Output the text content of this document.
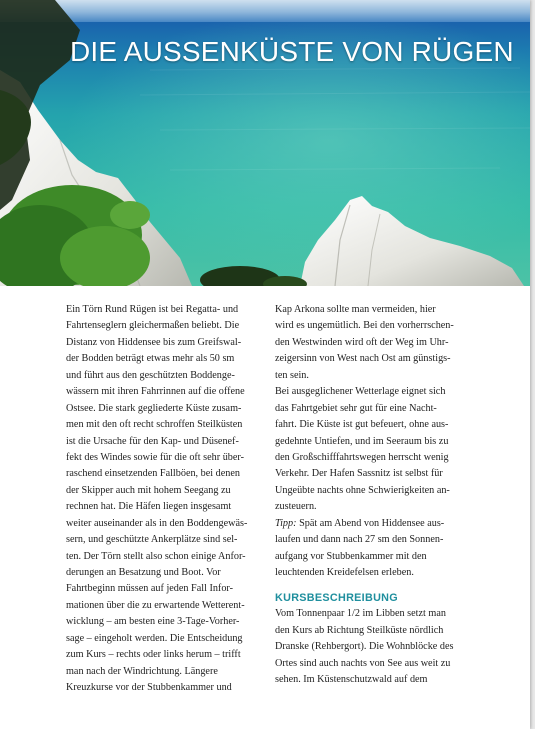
DIE AUSSENKÜSTE VON RÜGEN
Ein Törn Rund Rügen ist bei Regatta- und
Fahrtenseglern gleichermaßen beliebt. Die
Distanz von Hiddensee bis zum Greifswal-
der Bodden beträgt etwas mehr als 50 sm
und führt aus den geschützten Boddenge-
wässern mit ihren Fahrrinnen auf die offene
Ostsee. Die stark gegliederte Küste zusam-
men mit den oft recht schroffen Steilküsten
ist die Ursache für den Kap- und Düsenef-
fekt des Windes sowie für die oft sehr über-
raschend einsetzenden Fallböen, bei denen
der Skipper auch mit hohem Seegang zu
rechnen hat. Die Häfen liegen insgesamt
weiter auseinander als in den Boddengewäs-
sern, und geschützte Ankerplätze sind sel-
ten. Der Törn stellt also schon einige Anfor-
derungen an Besatzung und Boot. Vor
Fahrtbeginn müssen auf jeden Fall Infor-
mationen über die zu erwartende Wetterent-
wicklung – am besten eine 3-Tage-Vorher-
sage – eingeholt werden. Die Entscheidung
zum Kurs – rechts oder links herum – trifft
man nach der Windrichtung. Längere
Kreuzkurse vor der Stubbenkammer und
Kap Arkona sollte man vermeiden, hier
wird es ungemütlich. Bei den vorherrschen-
den Westwinden wird oft der Weg im Uhr-
zeigersinn von West nach Ost am günstigs-
ten sein.
Bei ausgeglichener Wetterlage eignet sich
das Fahrtgebiet sehr gut für eine Nacht-
fahrt. Die Küste ist gut befeuert, ohne aus-
gedehnte Untiefen, und im Seeraum bis zu
den Großschifffahrtswegen herrscht wenig
Verkehr. Der Hafen Sassnitz ist selbst für
Ungeübte nachts ohne Schwierigkeiten an-
zusteuern.
Tipp: Spät am Abend von Hiddensee aus-
laufen und dann nach 27 sm den Sonnen-
aufgang vor Stubbenkammer mit den
leuchtenden Kreidefelsen erleben.
KURSBESCHREIBUNG
Vom Tonnenpaar 1/2 im Libben setzt man
den Kurs ab Richtung Steilküste nördlich
Dranske (Rehbergort). Die Wohnblöcke des
Ortes sind auch nachts von See aus weit zu
sehen. Im Küstenschutzwald auf dem
